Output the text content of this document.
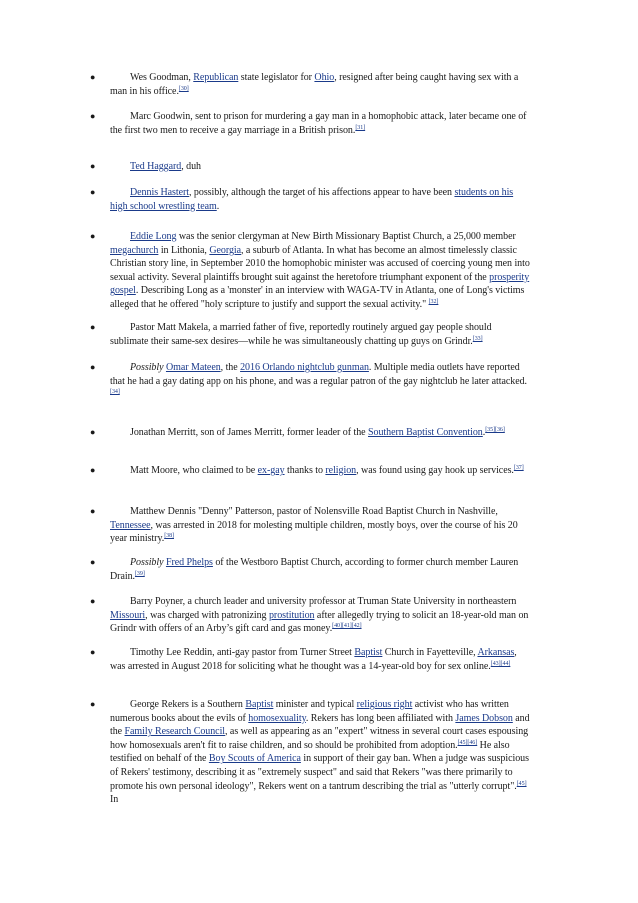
●	Wes Goodman, Republican state legislator for Ohio, resigned after being caught having sex with a man in his office.[30]
●	Marc Goodwin, sent to prison for murdering a gay man in a homophobic attack, later became one of the first two men to receive a gay marriage in a British prison.[31]
●	Ted Haggard, duh
●	Dennis Hastert, possibly, although the target of his affections appear to have been students on his high school wrestling team.
●	Eddie Long was the senior clergyman at New Birth Missionary Baptist Church, a 25,000 member megachurch in Lithonia, Georgia, a suburb of Atlanta. In what has become an almost timelessly classic Christian story line, in September 2010 the homophobic minister was accused of coercing young men into sexual activity. Several plaintiffs brought suit against the heretofore triumphant exponent of the prosperity gospel. Describing Long as a 'monster' in an interview with WAGA-TV in Atlanta, one of Long's victims alleged that he offered "holy scripture to justify and support the sexual activity." [32]
●	Pastor Matt Makela, a married father of five, reportedly routinely argued gay people should sublimate their same-sex desires—while he was simultaneously chatting up guys on Grindr.[33]
●	Possibly Omar Mateen, the 2016 Orlando nightclub gunman. Multiple media outlets have reported that he had a gay dating app on his phone, and was a regular patron of the gay nightclub he later attacked.[34]
●	Jonathan Merritt, son of James Merritt, former leader of the Southern Baptist Convention.[35][36]
●	Matt Moore, who claimed to be ex-gay thanks to religion, was found using gay hook up services.[37]
●	Matthew Dennis "Denny" Patterson, pastor of Nolensville Road Baptist Church in Nashville, Tennessee, was arrested in 2018 for molesting multiple children, mostly boys, over the course of his 20 year ministry.[38]
●	Possibly Fred Phelps of the Westboro Baptist Church, according to former church member Lauren Drain.[39]
●	Barry Poyner, a church leader and university professor at Truman State University in northeastern Missouri, was charged with patronizing prostitution after allegedly trying to solicit an 18-year-old man on Grindr with offers of an Arby’s gift card and gas money.[40][41][42]
●	Timothy Lee Reddin, anti-gay pastor from Turner Street Baptist Church in Fayetteville, Arkansas, was arrested in August 2018 for soliciting what he thought was a 14-year-old boy for sex online.[43][44]
●	George Rekers is a Southern Baptist minister and typical religious right activist who has written numerous books about the evils of homosexuality. Rekers has long been affiliated with James Dobson and the Family Research Council, as well as appearing as an "expert" witness in several court cases espousing how homosexuals aren't fit to raise children, and so should be prohibited from adoption.[45][46] He also testified on behalf of the Boy Scouts of America in support of their gay ban. When a judge was suspicious of Rekers' testimony, describing it as "extremely suspect" and said that Rekers "was there primarily to promote his own personal ideology", Rekers went on a tantrum describing the trial as "utterly corrupt".[45] In
